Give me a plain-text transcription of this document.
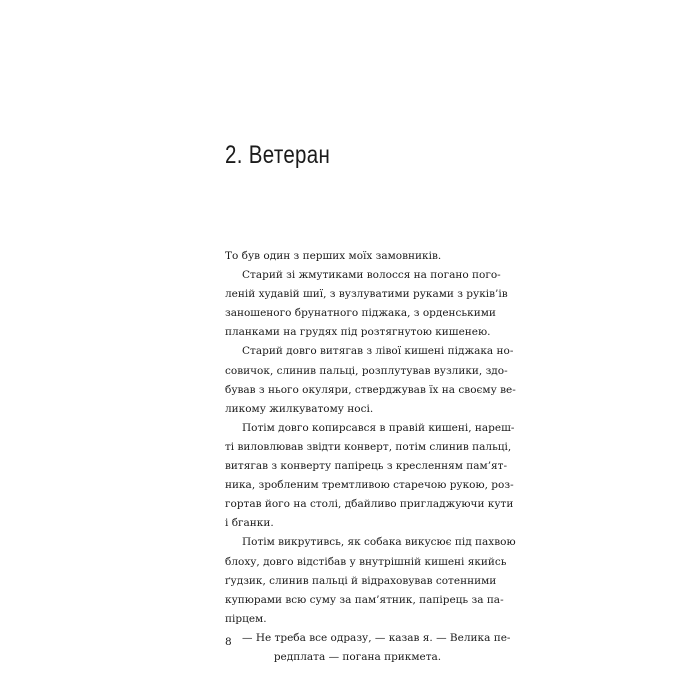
2. Ветеран
То був один з перших моїх замовників.
Старий зі жмутиками волосся на погано пого-
леній худавій шиї, з вузлуватими руками з руків’ів
заношеного брунатного піджака, з орденськими
планками на грудях під розтягнутою кишенею.
Старий довго витягав з лівої кишені піджака но-
совичок, слинив пальці, розплутував вузлики, здо-
бував з нього окуляри, стверджував їх на своєму ве-
ликому жилкуватому носі.
Потім довго копирсався в правій кишені, нареш-
ті виловлював звідти конверт, потім слинив пальці,
витягав з конверту папірець з кресленням пам’ят-
ника, зробленим тремтливою старечою рукою, роз-
гортав його на столі, дбайливо пригладжуючи кути
і бганки.
Потім викрутивсь, як собака викусює під пахвою
блоху, довго відстібав у внутрішній кишені якийсь
ґудзик, слинив пальці й відраховував сотенними
купюрами всю суму за пам’ятник, папірець за па-
пірцем.
— Не треба все одразу, — казав я. — Велика пе-
редплата — погана прикмета.
8
